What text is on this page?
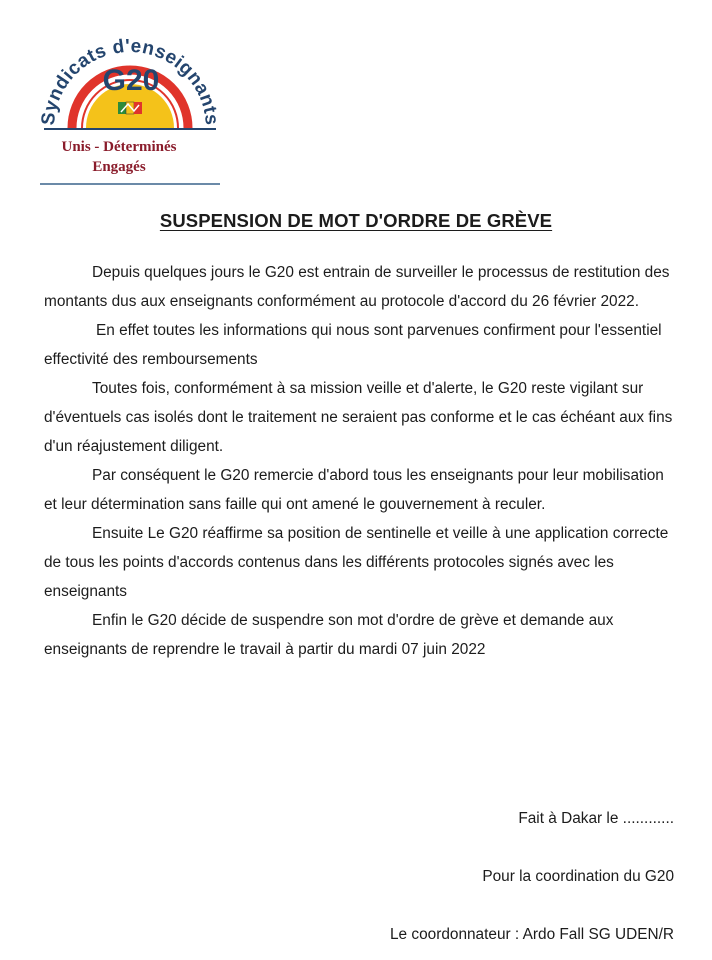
Syndicats d'enseignants
G20
Unis - Déterminés
Engagés
SUSPENSION DE MOT D'ORDRE DE GRÈVE

Depuis quelques jours le G20 est entrain de surveiller le processus de restitution des montants dus aux enseignants conformément au protocole d'accord du 26 février 2022.

En effet toutes les informations qui nous sont parvenues confirment pour l'essentiel effectivité des remboursements

Toutes fois, conformément à sa mission veille et d'alerte, le G20 reste vigilant sur d'éventuels cas isolés dont le traitement ne seraient pas conforme et le cas échéant aux fins d'un réajustement diligent.

Par conséquent le G20 remercie d'abord tous les enseignants pour leur mobilisation et leur détermination sans faille qui ont amené le gouvernement à reculer.

Ensuite Le G20 réaffirme sa position de sentinelle et veille à une application correcte de tous les points d'accords contenus dans les différents protocoles signés avec les enseignants

Enfin le G20 décide de suspendre son mot d'ordre de grève et demande aux enseignants de reprendre le travail à partir du mardi 07 juin 2022

Fait à Dakar le ............
Pour la coordination du G20
Le coordonnateur : Ardo Fall SG UDEN/R
